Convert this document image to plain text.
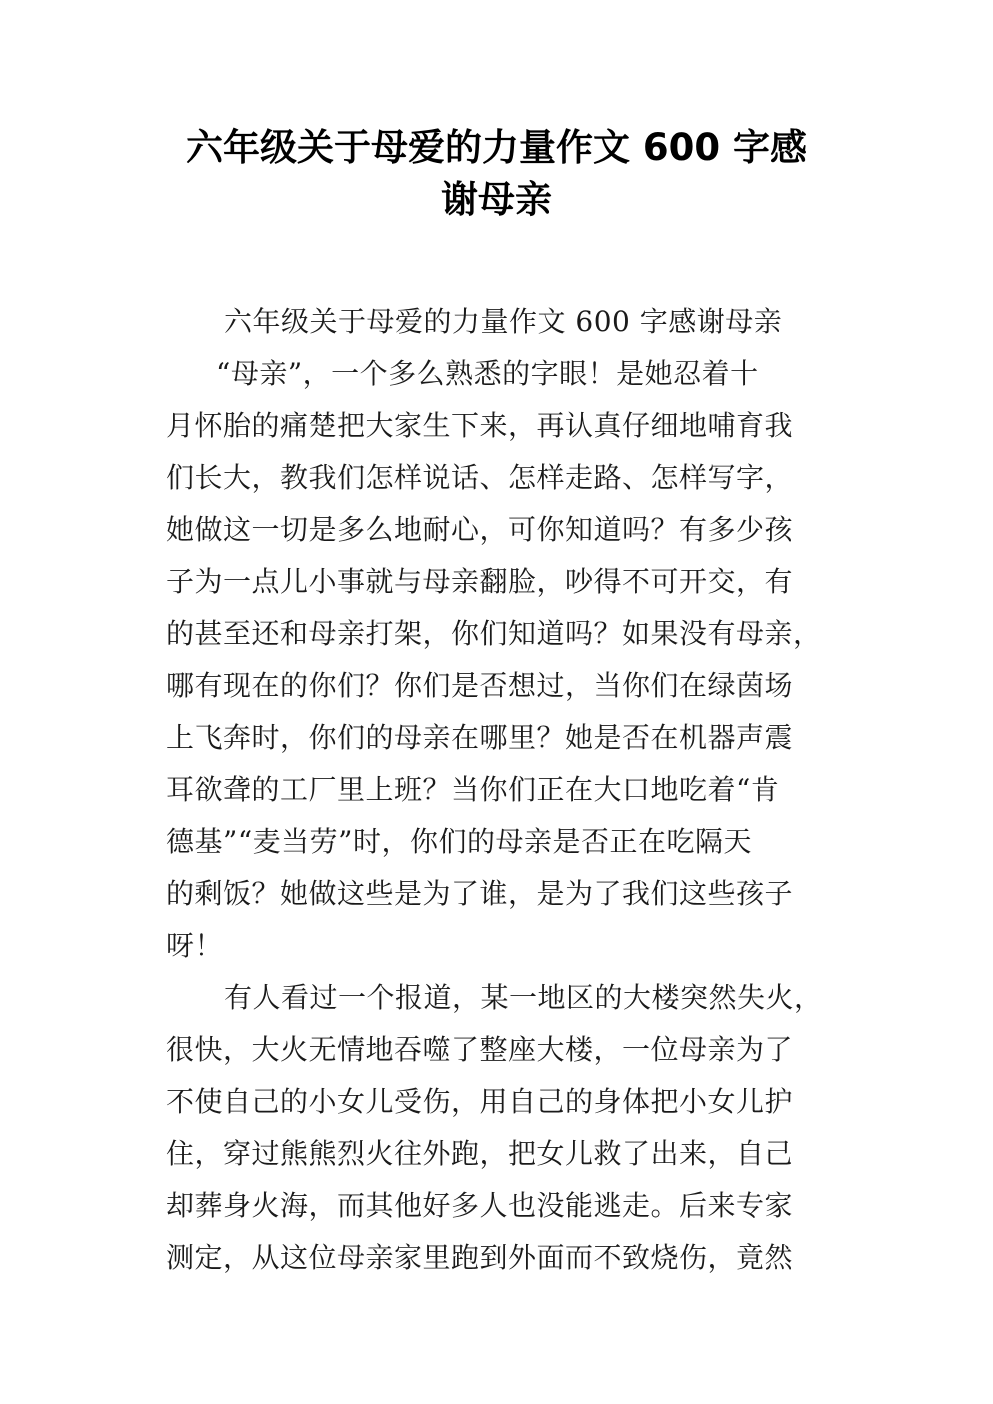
六年级关于母爱的力量作文 600 字感
谢母亲
六年级关于母爱的力量作文 600 字感谢母亲
“母亲”，一个多么熟悉的字眼！是她忍着十
月怀胎的痛楚把大家生下来，再认真仔细地哺育我
们长大，教我们怎样说话、怎样走路、怎样写字，
她做这一切是多么地耐心，可你知道吗？有多少孩
子为一点儿小事就与母亲翻脸，吵得不可开交，有
的甚至还和母亲打架，你们知道吗？如果没有母亲，
哪有现在的你们？你们是否想过，当你们在绿茵场
上飞奔时，你们的母亲在哪里？她是否在机器声震
耳欲聋的工厂里上班？当你们正在大口地吃着“肯
德基”“麦当劳”时，你们的母亲是否正在吃隔天
的剩饭？她做这些是为了谁，是为了我们这些孩子
呀！
有人看过一个报道，某一地区的大楼突然失火，
很快，大火无情地吞噬了整座大楼，一位母亲为了
不使自己的小女儿受伤，用自己的身体把小女儿护
住，穿过熊熊烈火往外跑，把女儿救了出来，自己
却葬身火海，而其他好多人也没能逃走。后来专家
测定，从这位母亲家里跑到外面而不致烧伤，竟然
